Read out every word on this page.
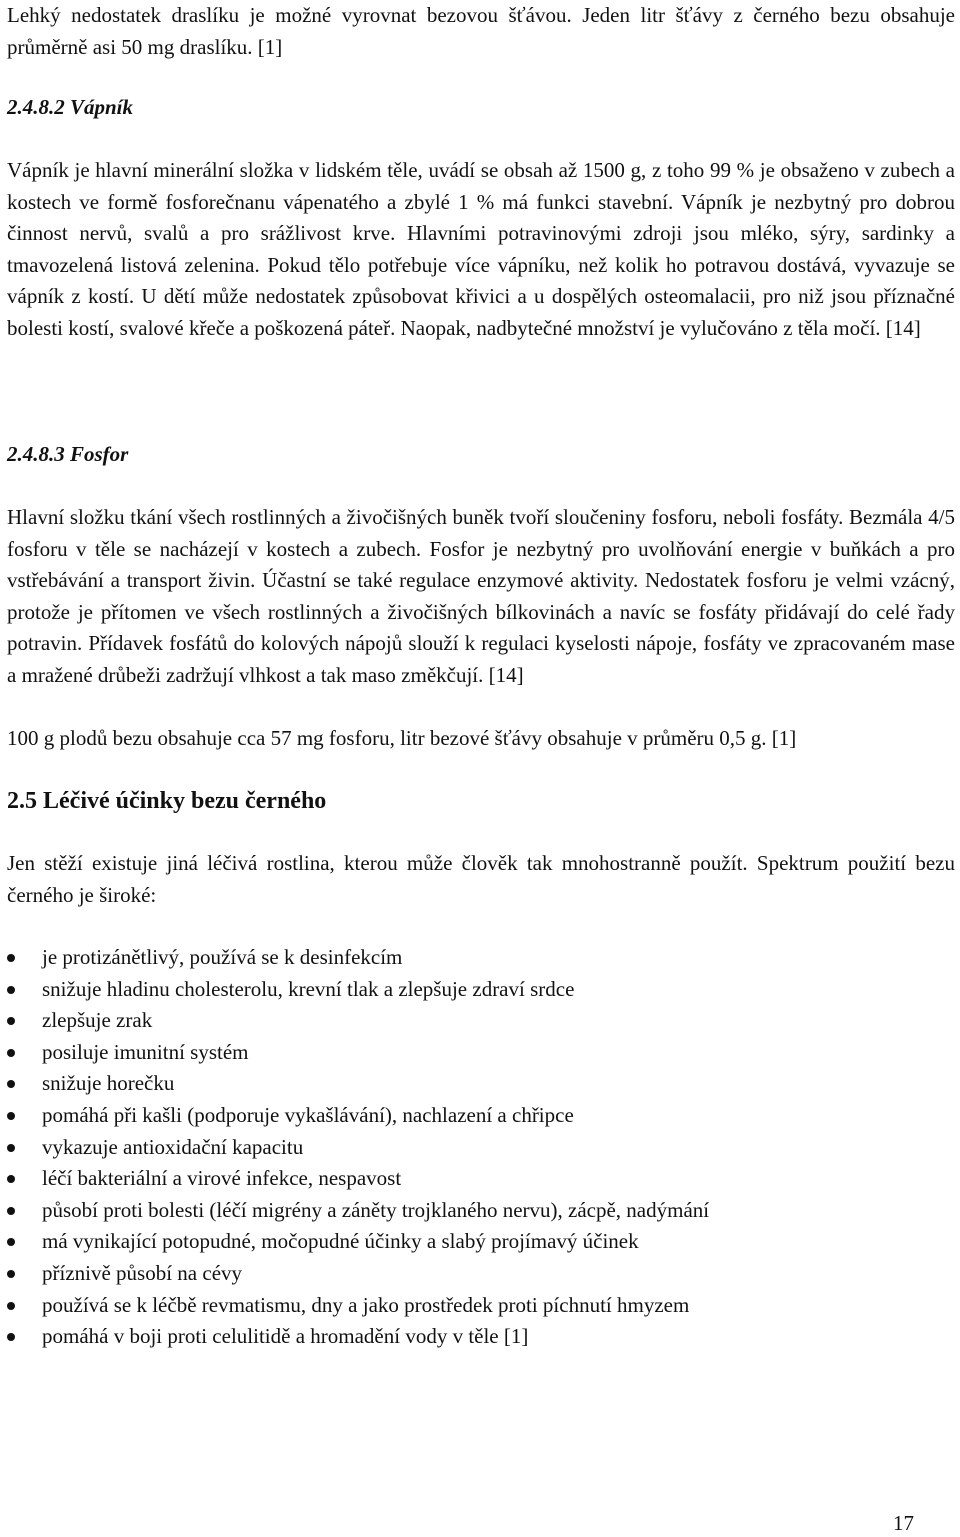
Lehký nedostatek draslíku je možné vyrovnat bezovou šťávou. Jeden litr šťávy z černého bezu obsahuje průměrně asi 50 mg draslíku. [1]

2.4.8.2 Vápník

Vápník je hlavní minerální složka v lidském těle, uvádí se obsah až 1500 g, z toho 99 % je obsaženo v zubech a kostech ve formě fosforečnanu vápenatého a zbylé 1 % má funkci stavební. Vápník je nezbytný pro dobrou činnost nervů, svalů a pro srážlivost krve. Hlavními potravinovými zdroji jsou mléko, sýry, sardinky a tmavozelená listová zelenina. Pokud tělo potřebuje více vápníku, než kolik ho potravou dostává, vyvazuje se vápník z kostí. U dětí může nedostatek způsobovat křivici a u dospělých osteomalacii, pro niž jsou příznačné bolesti kostí, svalové křeče a poškozená páteř. Naopak, nadbytečné množství je vylučováno z těla močí. [14]

2.4.8.3 Fosfor

Hlavní složku tkání všech rostlinných a živočišných buněk tvoří sloučeniny fosforu, neboli fosfáty. Bezmála 4/5 fosforu v těle se nacházejí v kostech a zubech. Fosfor je nezbytný pro uvolňování energie v buňkách a pro vstřebávání a transport živin. Účastní se také regulace enzymové aktivity. Nedostatek fosforu je velmi vzácný, protože je přítomen ve všech rostlinných a živočišných bílkovinách a navíc se fosfáty přidávají do celé řady potravin. Přídavek fosfátů do kolových nápojů slouží k regulaci kyselosti nápoje, fosfáty ve zpracovaném mase a mražené drůbeži zadržují vlhkost a tak maso změkčují. [14]

100 g plodů bezu obsahuje cca 57 mg fosforu, litr bezové šťávy obsahuje v průměru 0,5 g. [1]

2.5 Léčivé účinky bezu černého

Jen stěží existuje jiná léčivá rostlina, kterou může člověk tak mnohostranně použít. Spektrum použití bezu černého je široké:

je protizánětlivý, používá se k desinfekcím
snižuje hladinu cholesterolu, krevní tlak a zlepšuje zdraví srdce
zlepšuje zrak
posiluje imunitní systém
snižuje horečku
pomáhá při kašli (podporuje vykašlávání), nachlazení a chřipce
vykazuje antioxidační kapacitu
léčí bakteriální a virové infekce, nespavost
působí proti bolesti (léčí migrény a záněty trojklaného nervu), zácpě, nadýmání
má vynikající potopudné, močopudné účinky a slabý projímavý účinek
příznivě působí na cévy
používá se k léčbě revmatismu, dny a jako prostředek proti píchnutí hmyzem
pomáhá v boji proti celulitidě a hromadění vody v těle [1]

17
